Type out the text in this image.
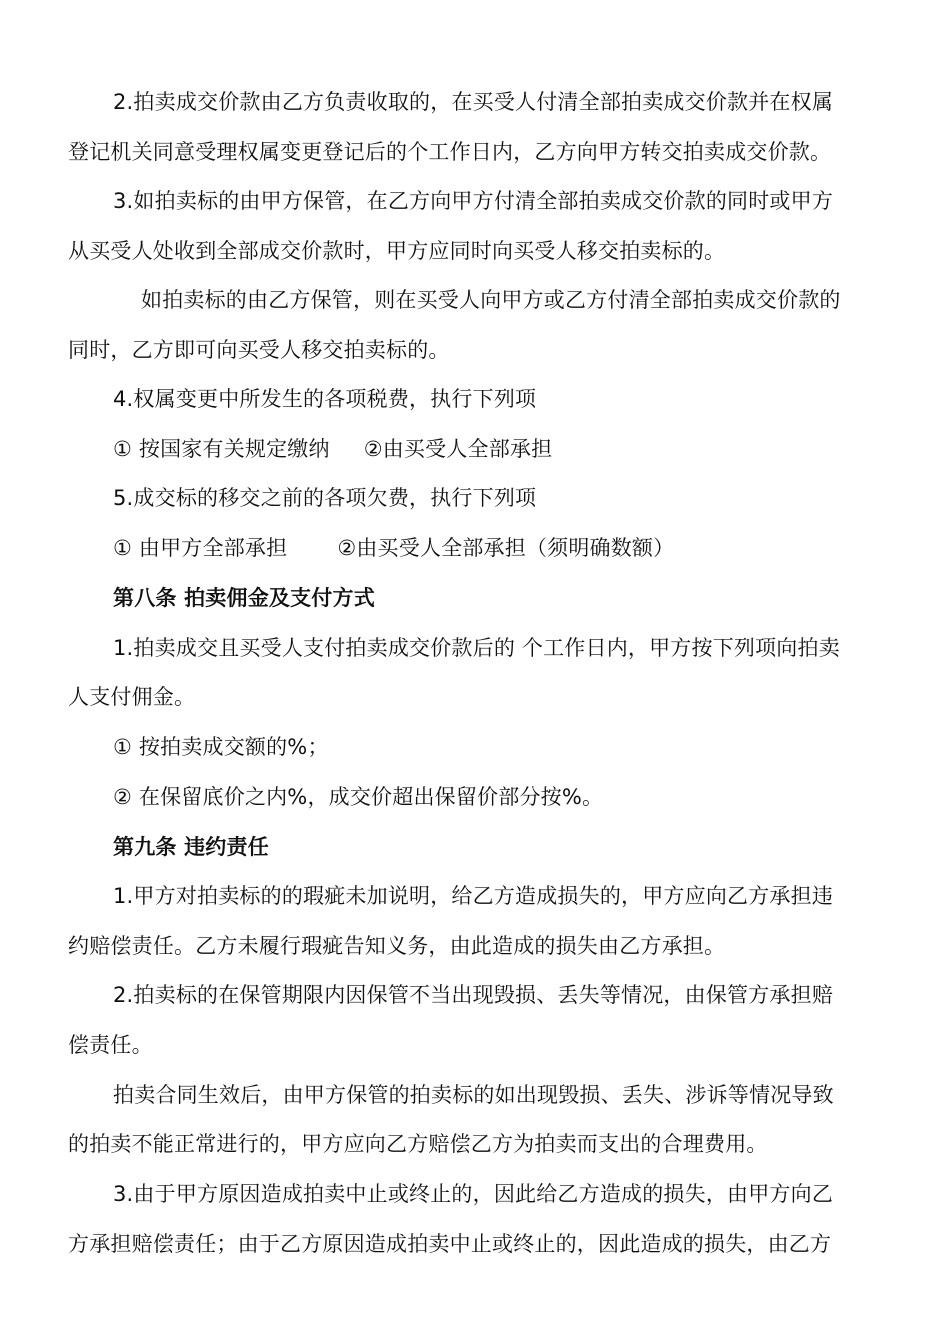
2.拍卖成交价款由乙方负责收取的，在买受人付清全部拍卖成交价款并在权属
登记机关同意受理权属变更登记后的个工作日内，乙方向甲方转交拍卖成交价款。
3.如拍卖标的由甲方保管，在乙方向甲方付清全部拍卖成交价款的同时或甲方
从买受人处收到全部成交价款时，甲方应同时向买受人移交拍卖标的。
如拍卖标的由乙方保管，则在买受人向甲方或乙方付清全部拍卖成交价款的
同时，乙方即可向买受人移交拍卖标的。
4.权属变更中所发生的各项税费，执行下列项
① 按国家有关规定缴纳 ②由买受人全部承担
5.成交标的移交之前的各项欠费，执行下列项
① 由甲方全部承担 ②由买受人全部承担（须明确数额）
第八条 拍卖佣金及支付方式
1.拍卖成交且买受人支付拍卖成交价款后的 个工作日内，甲方按下列项向拍卖
人支付佣金。
① 按拍卖成交额的%；
② 在保留底价之内%，成交价超出保留价部分按%。
第九条 违约责任
1.甲方对拍卖标的的瑕疵未加说明，给乙方造成损失的，甲方应向乙方承担违
约赔偿责任。乙方未履行瑕疵告知义务，由此造成的损失由乙方承担。
2.拍卖标的在保管期限内因保管不当出现毁损、丢失等情况，由保管方承担赔
偿责任。
拍卖合同生效后，由甲方保管的拍卖标的如出现毁损、丢失、涉诉等情况导致
的拍卖不能正常进行的，甲方应向乙方赔偿乙方为拍卖而支出的合理费用。
3.由于甲方原因造成拍卖中止或终止的，因此给乙方造成的损失，由甲方向乙
方承担赔偿责任；由于乙方原因造成拍卖中止或终止的，因此造成的损失，由乙方
